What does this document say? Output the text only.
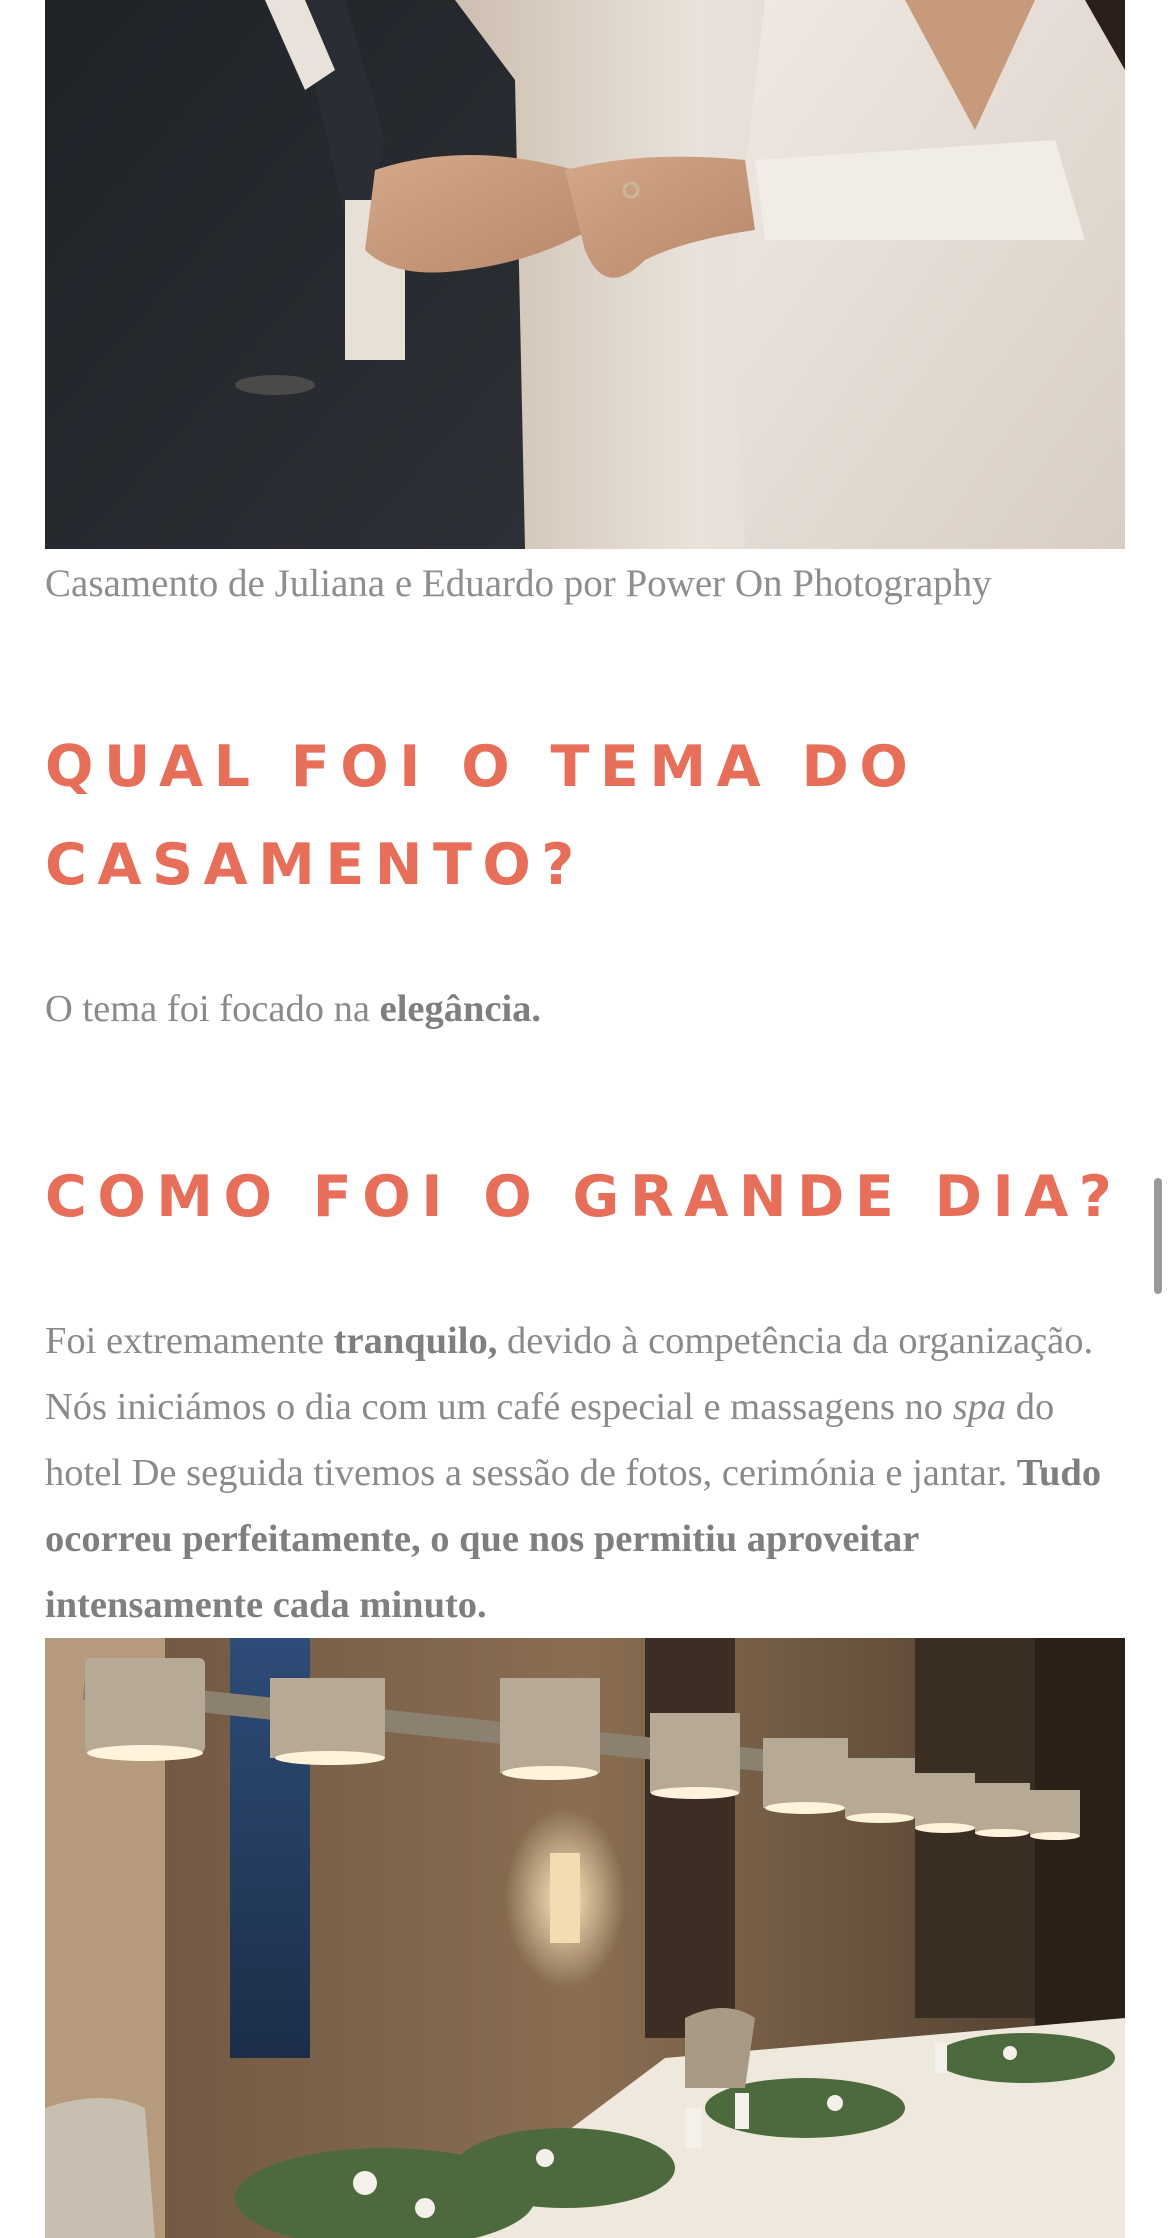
Casamento de Juliana e Eduardo por Power On Photography
QUAL FOI O TEMA DO CASAMENTO?

O tema foi focado na elegância.

COMO FOI O GRANDE DIA?

Foi extremamente tranquilo, devido à competência da organização. Nós iniciámos o dia com um café especial e massagens no spa do hotel De seguida tivemos a sessão de fotos, cerimónia e jantar. Tudo ocorreu perfeitamente, o que nos permitiu aproveitar intensamente cada minuto.
